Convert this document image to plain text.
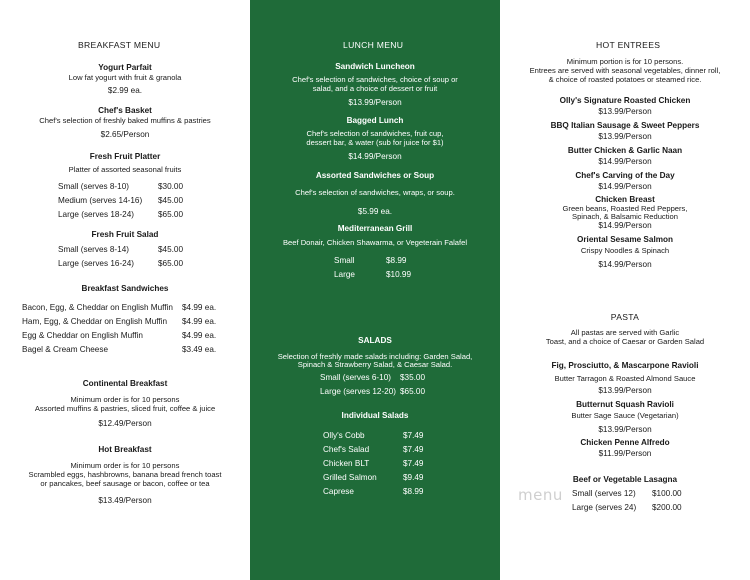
BREAKFAST MENU
Yogurt Parfait
Low fat yogurt with fruit & granola
$2.99 ea.
Chef's Basket
Chef's selection of freshly baked muffins & pastries
$2.65/Person
Fresh Fruit Platter
Platter of assorted seasonal fruits
Small (serves 8-10)	$30.00
Medium (serves 14-16) $45.00
Large (serves 18-24)	$65.00
Fresh Fruit Salad
Small (serves 8-14)	$45.00
Large (serves 16-24)	$65.00
Breakfast Sandwiches
Bacon, Egg, & Cheddar on English Muffin $4.99 ea.
Ham, Egg, & Cheddar on English Muffin $4.99 ea.
Egg & Cheddar on English Muffin	$4.99 ea.
Bagel & Cream Cheese	$3.49 ea.
Continental Breakfast
Minimum order is for 10 persons
Assorted muffins & pastries, sliced fruit, coffee & juice
$12.49/Person
Hot Breakfast
Minimum order is for 10 persons
Scrambled eggs, hashbrowns, banana bread french toast
or pancakes, beef sausage or bacon, coffee or tea
$13.49/Person
LUNCH MENU
Sandwich Luncheon
Chef's selection of sandwiches, choice of soup or
salad, and a choice of dessert or fruit
$13.99/Person
Bagged Lunch
Chef's selection of sandwiches, fruit cup,
dessert bar, & water (sub for juice for $1)
$14.99/Person
Assorted Sandwiches or Soup
Chef's selection of sandwiches, wraps, or soup.
$5.99 ea.
Mediterranean Grill
Beef Donair, Chicken Shawarma, or Vegeterain Falafel
Small	$8.99
Large	$10.99
SALADS
Selection of freshly made salads including: Garden Salad,
Spinach & Strawberry Salad, & Caesar Salad.
Small (serves 6-10) $35.00
Large (serves 12-20) $65.00
Individual Salads
Olly's Cobb	$7.49
Chef's Salad	$7.49
Chicken BLT	$7.49
Grilled Salmon	$9.49
Caprese	$8.99
HOT ENTREES
Minimum portion is for 10 persons.
Entrees are served with seasonal vegetables, dinner roll,
& choice of roasted potatoes or steamed rice.
Olly's Signature Roasted Chicken
$13.99/Person
BBQ Italian Sausage & Sweet Peppers
$13.99/Person
Butter Chicken & Garlic Naan
$14.99/Person
Chef's Carving of the Day
$14.99/Person
Chicken Breast
Green beans, Roasted Red Peppers,
Spinach, & Balsamic Reduction
$14.99/Person
Oriental Sesame Salmon
Crispy Noodles & Spinach
$14.99/Person
PASTA
All pastas are served with Garlic
Toast, and a choice of Caesar or Garden Salad
Fig, Prosciutto, & Mascarpone Ravioli
Butter Tarragon & Roasted Almond Sauce
$13.99/Person
Butternut Squash Ravioli
Butter Sage Sauce (Vegetarian)
$13.99/Person
Chicken Penne Alfredo
$11.99/Person
Beef or Vegetable Lasagna
Small (serves 12) $100.00
Large (serves 24) $200.00
menu
